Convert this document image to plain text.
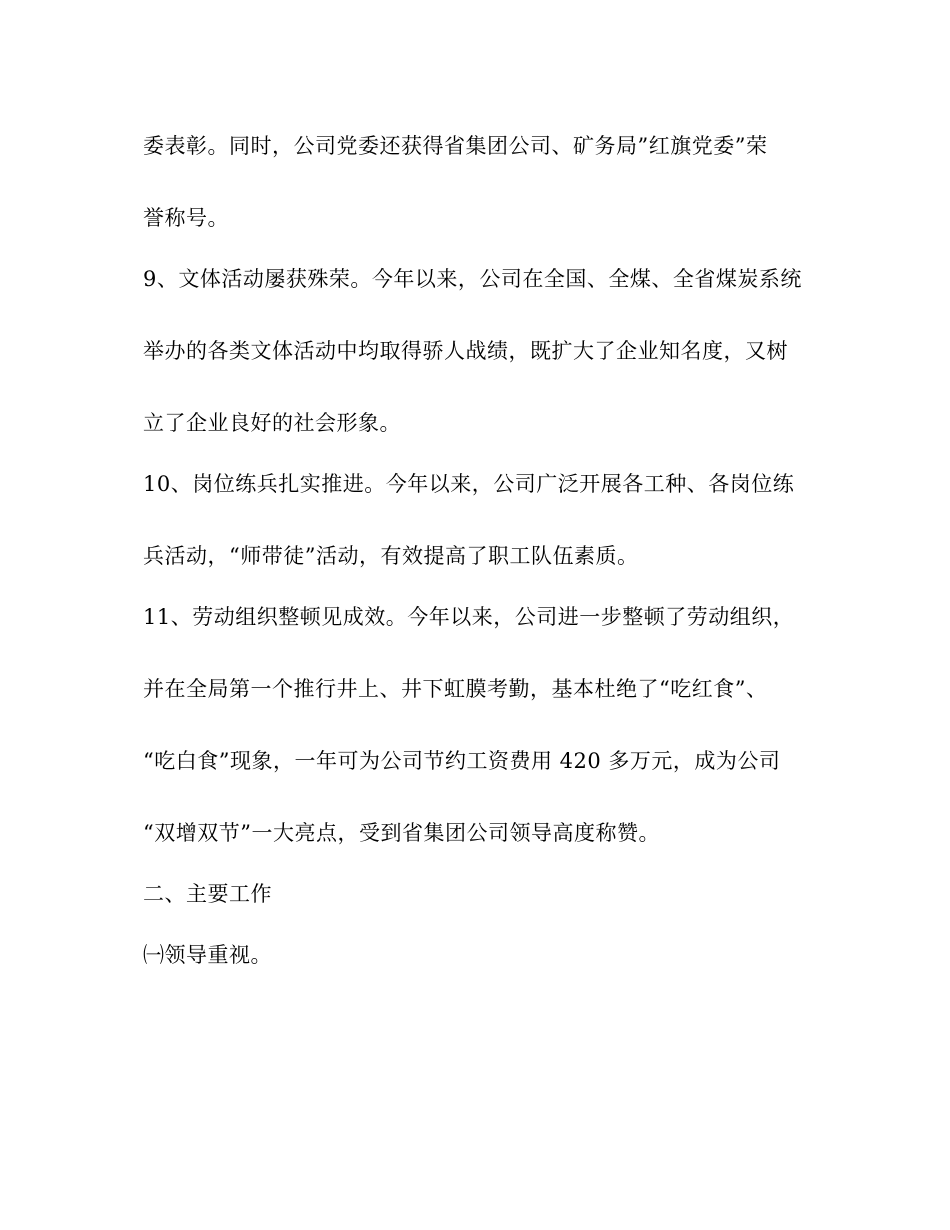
委表彰。同时，公司党委还获得省集团公司、矿务局”红旗党委”荣
誉称号。
9、文体活动屡获殊荣。今年以来，公司在全国、全煤、全省煤炭系统
举办的各类文体活动中均取得骄人战绩，既扩大了企业知名度，又树
立了企业良好的社会形象。
10、岗位练兵扎实推进。今年以来，公司广泛开展各工种、各岗位练
兵活动，“师带徒”活动，有效提高了职工队伍素质。
11、劳动组织整顿见成效。今年以来，公司进一步整顿了劳动组织，
并在全局第一个推行井上、井下虹膜考勤，基本杜绝了“吃红食”、
“吃白食”现象，一年可为公司节约工资费用 420 多万元，成为公司
“双增双节”一大亮点，受到省集团公司领导高度称赞。
二、主要工作
㈠领导重视。
